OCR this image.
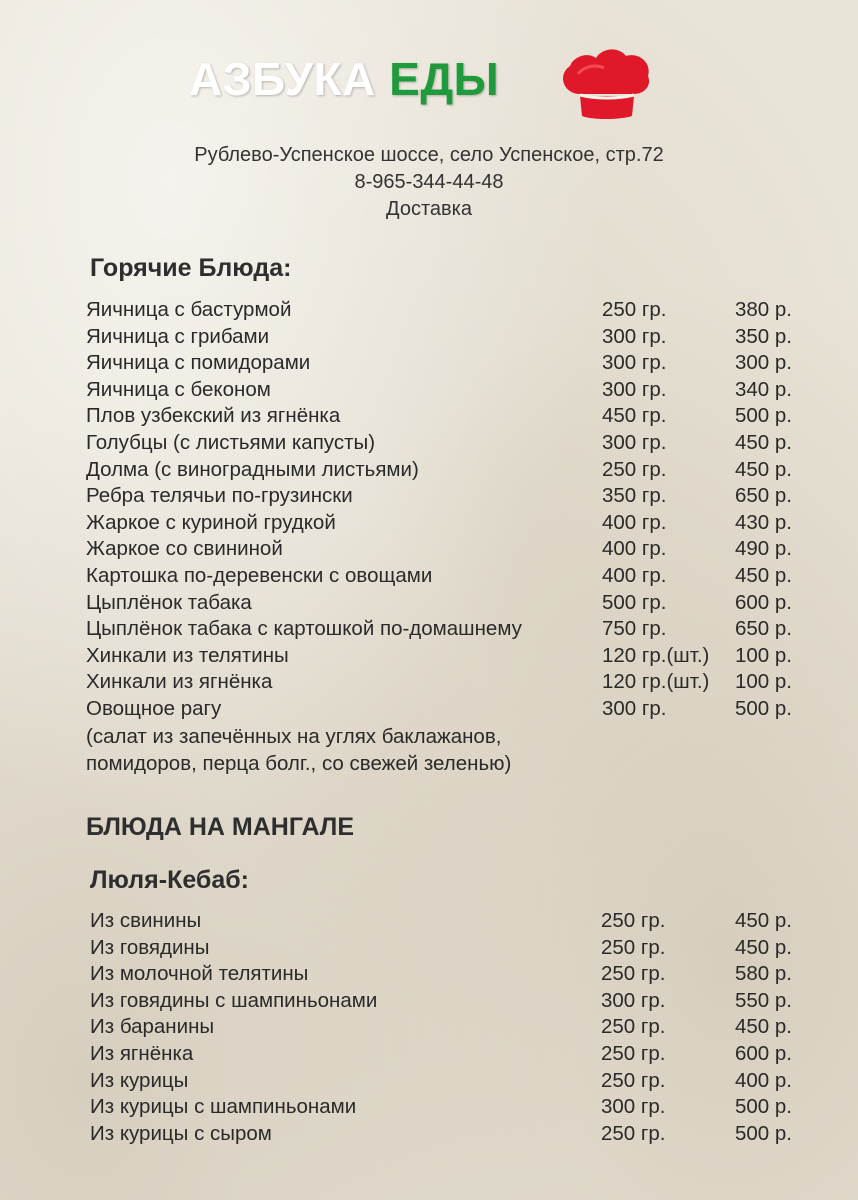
АЗБУКА ЕДЫ
Рублево-Успенское шоссе, село Успенское, стр.72
8-965-344-44-48
Доставка
Горячие Блюда:
Яичница с бастурмой	250 гр.	380 р.
Яичница с грибами	300 гр.	350 р.
Яичница с помидорами	300 гр.	300 р.
Яичница с беконом	300 гр.	340 р.
Плов узбекский из ягнёнка	450 гр.	500 р.
Голубцы (с листьями капусты)	300 гр.	450 р.
Долма (с виноградными листьями)	250 гр.	450 р.
Ребра телячьи по-грузински	350 гр.	650 р.
Жаркое с куриной грудкой	400 гр.	430 р.
Жаркое со свининой	400 гр.	490 р.
Картошка по-деревенски с овощами	400 гр.	450 р.
Цыплёнок табака	500 гр.	600 р.
Цыплёнок табака с картошкой по-домашнему	750 гр.	650 р.
Хинкали из телятины	120 гр.(шт.) 100 р.
Хинкали из ягнёнка	120 гр.(шт.) 100 р.
Овощное рагу	300 гр.	500 р.
(салат из запечённых на углях баклажанов,
помидоров, перца болг., со свежей зеленью)
БЛЮДА НА МАНГАЛЕ
Люля-Кебаб:
Из свинины	250 гр.	450 р.
Из говядины	250 гр.	450 р.
Из молочной телятины	250 гр.	580 р.
Из говядины с шампиньонами	300 гр.	550 р.
Из баранины	250 гр.	450 р.
Из ягнёнка	250 гр.	600 р.
Из курицы	250 гр.	400 р.
Из курицы с шампиньонами	300 гр.	500 р.
Из курицы с сыром	250 гр.	500 р.
